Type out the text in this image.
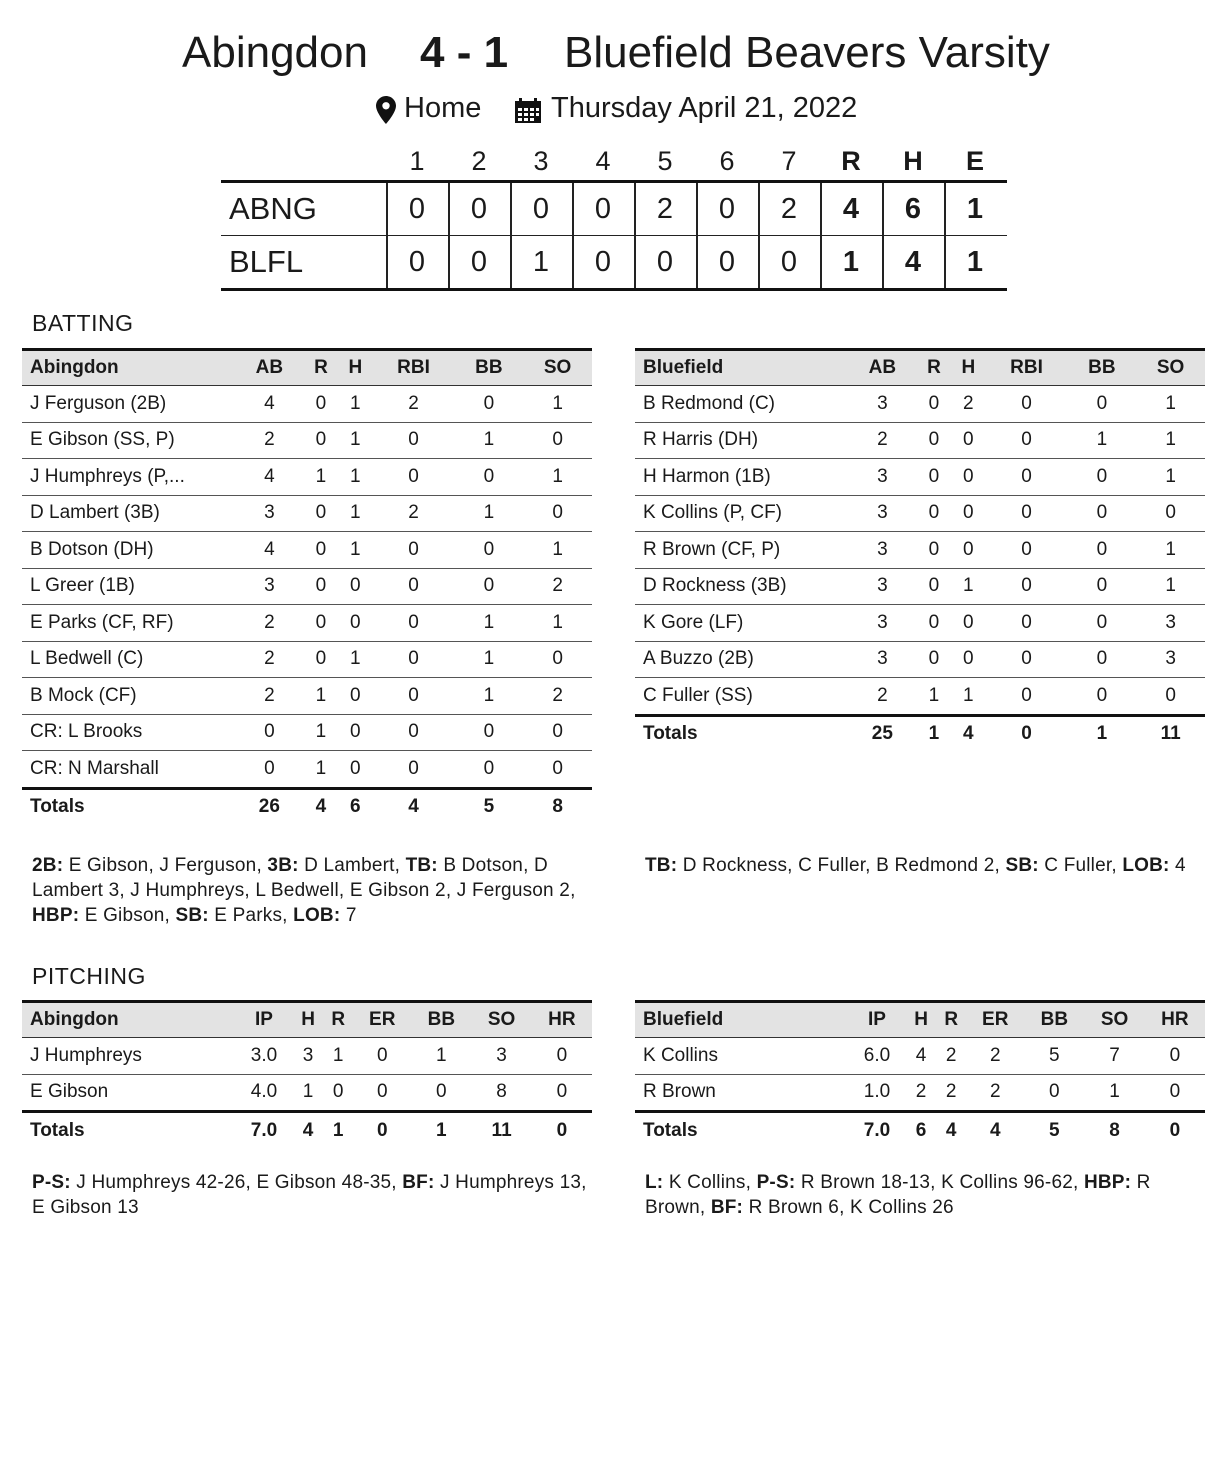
Abingdon 4 - 1 Bluefield Beavers Varsity
Home Thursday April 21, 2022
1	2	3	4	5	6	7	R	H	E
ABNG	0	0	0	0	2	0	2	4	6	1
BLFL	0	0	1	0	0	0	0	1	4	1
BATTING
Abingdon	AB	R	H	RBI	BB	SO
J Ferguson (2B)	4	0	1	2	0	1
E Gibson (SS, P)	2	0	1	0	1	0
J Humphreys (P,...	4	1	1	0	0	1
D Lambert (3B)	3	0	1	2	1	0
B Dotson (DH)	4	0	1	0	0	1
L Greer (1B)	3	0	0	0	0	2
E Parks (CF, RF)	2	0	0	0	1	1
L Bedwell (C)	2	0	1	0	1	0
B Mock (CF)	2	1	0	0	1	2
CR: L Brooks	0	1	0	0	0	0
CR: N Marshall	0	1	0	0	0	0
Totals	26	4	6	4	5	8
Bluefield	AB	R	H	RBI	BB	SO
B Redmond (C)	3	0	2	0	0	1
R Harris (DH)	2	0	0	0	1	1
H Harmon (1B)	3	0	0	0	0	1
K Collins (P, CF)	3	0	0	0	0	0
R Brown (CF, P)	3	0	0	0	0	1
D Rockness (3B)	3	0	1	0	0	1
K Gore (LF)	3	0	0	0	0	3
A Buzzo (2B)	3	0	0	0	0	3
C Fuller (SS)	2	1	1	0	0	0
Totals	25	1	4	0	1	11
2B: E Gibson, J Ferguson, 3B: D Lambert, TB: B Dotson, D Lambert 3, J Humphreys, L Bedwell, E Gibson 2, J Ferguson 2, HBP: E Gibson, SB: E Parks, LOB: 7
TB: D Rockness, C Fuller, B Redmond 2, SB: C Fuller, LOB: 4
PITCHING
Abingdon	IP	H	R	ER	BB	SO	HR
J Humphreys	3.0	3	1	0	1	3	0
E Gibson	4.0	1	0	0	0	8	0
Totals	7.0	4	1	0	1	11	0
Bluefield	IP	H	R	ER	BB	SO	HR
K Collins	6.0	4	2	2	5	7	0
R Brown	1.0	2	2	2	0	1	0
Totals	7.0	6	4	4	5	8	0
P-S: J Humphreys 42-26, E Gibson 48-35, BF: J Humphreys 13, E Gibson 13
L: K Collins, P-S: R Brown 18-13, K Collins 96-62, HBP: R Brown, BF: R Brown 6, K Collins 26
